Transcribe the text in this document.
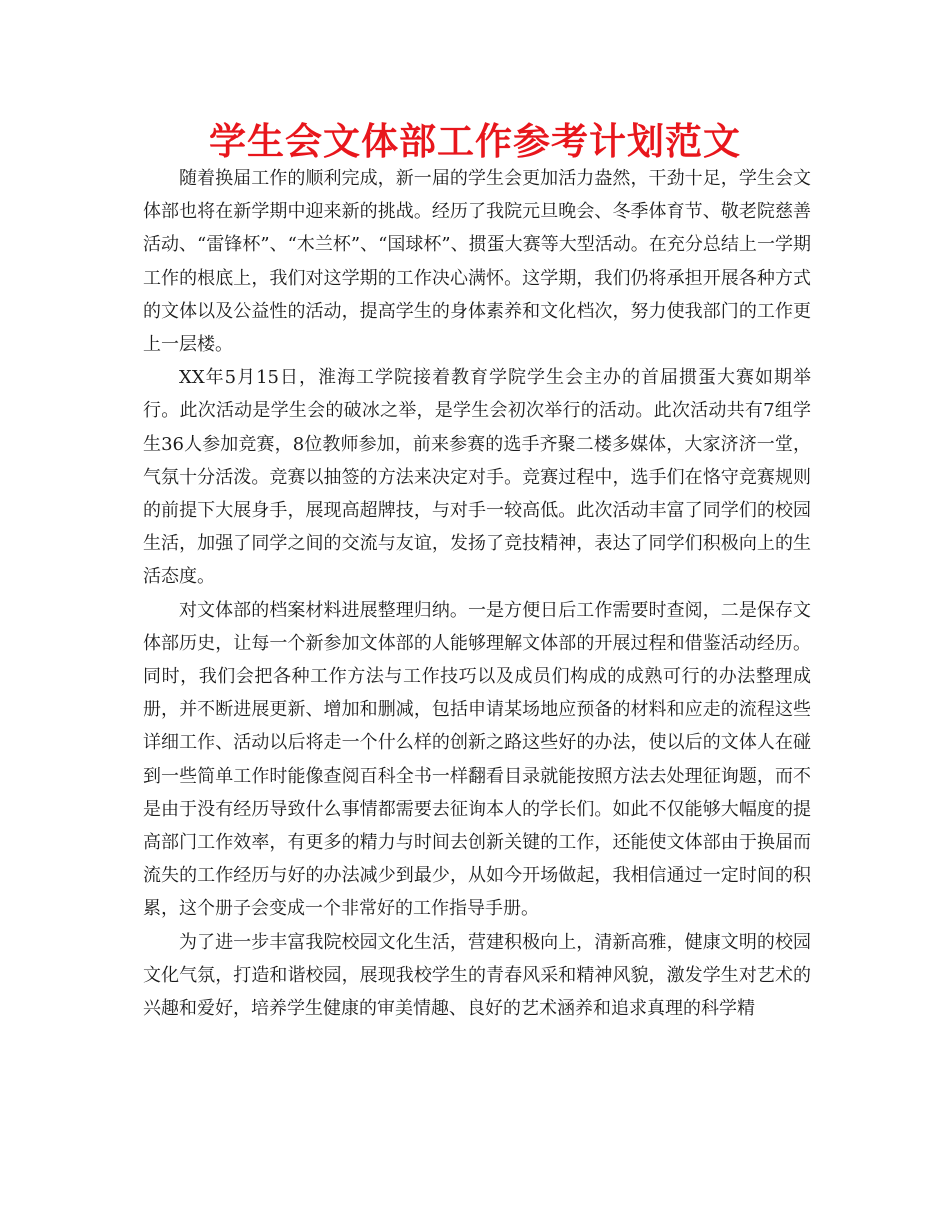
学生会文体部工作参考计划范文

随着换届工作的顺利完成，新一届的学生会更加活力盎然，干劲十足，学生会文体部也将在新学期中迎来新的挑战。经历了我院元旦晚会、冬季体育节、敬老院慈善活动、“雷锋杯”、“木兰杯”、“国球杯”、掼蛋大赛等大型活动。在充分总结上一学期工作的根底上，我们对这学期的工作决心满怀。这学期，我们仍将承担开展各种方式的文体以及公益性的活动，提高学生的身体素养和文化档次，努力使我部门的工作更上一层楼。

XX年5月15日，淮海工学院接着教育学院学生会主办的首届掼蛋大赛如期举行。此次活动是学生会的破冰之举，是学生会初次举行的活动。此次活动共有7组学生36人参加竞赛，8位教师参加，前来参赛的选手齐聚二楼多媒体，大家济济一堂，气氛十分活泼。竞赛以抽签的方法来决定对手。竞赛过程中，选手们在恪守竞赛规则的前提下大展身手，展现高超牌技，与对手一较高低。此次活动丰富了同学们的校园生活，加强了同学之间的交流与友谊，发扬了竞技精神，表达了同学们积极向上的生活态度。

对文体部的档案材料进展整理归纳。一是方便日后工作需要时查阅，二是保存文体部历史，让每一个新参加文体部的人能够理解文体部的开展过程和借鉴活动经历。同时，我们会把各种工作方法与工作技巧以及成员们构成的成熟可行的办法整理成册，并不断进展更新、增加和删减，包括申请某场地应预备的材料和应走的流程这些详细工作、活动以后将走一个什么样的创新之路这些好的办法，使以后的文体人在碰到一些简单工作时能像查阅百科全书一样翻看目录就能按照方法去处理征询题，而不是由于没有经历导致什么事情都需要去征询本人的学长们。如此不仅能够大幅度的提高部门工作效率，有更多的精力与时间去创新关键的工作，还能使文体部由于换届而流失的工作经历与好的办法减少到最少，从如今开场做起，我相信通过一定时间的积累，这个册子会变成一个非常好的工作指导手册。

为了进一步丰富我院校园文化生活，营建积极向上，清新高雅，健康文明的校园文化气氛，打造和谐校园，展现我校学生的青春风采和精神风貌，激发学生对艺术的兴趣和爱好，培养学生健康的审美情趣、良好的艺术涵养和追求真理的科学精
